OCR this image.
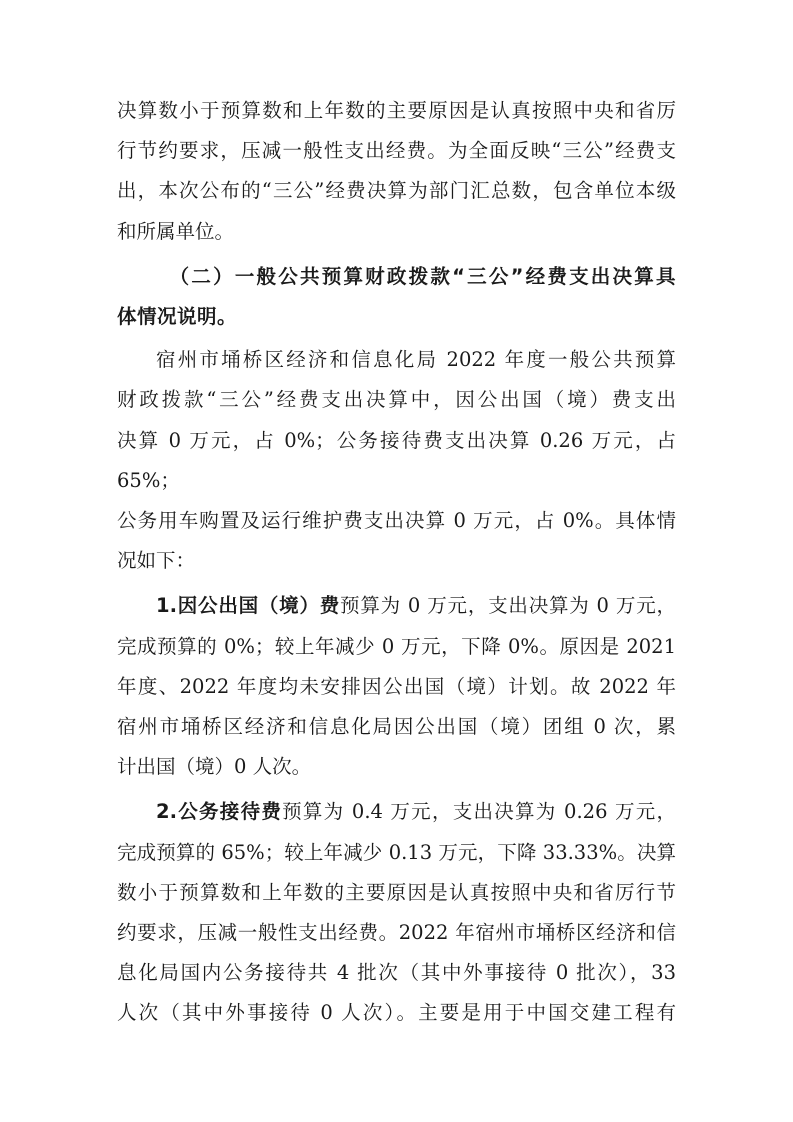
决算数小于预算数和上年数的主要原因是认真按照中央和省厉

行节约要求，压减一般性支出经费。为全面反映“三公”经费支

出，本次公布的“三公”经费决算为部门汇总数，包含单位本级

和所属单位。

（二）一般公共预算财政拨款“三公”经费支出决算具

体情况说明。

宿州市埇桥区经济和信息化局 2022 年度一般公共预算

财政拨款“三公”经费支出决算中，因公出国（境）费支出

决算 0 万元，占 0%；公务接待费支出决算 0.26 万元，占 65%；

公务用车购置及运行维护费支出决算 0 万元，占 0%。具体情

况如下：

1.因公出国（境）费预算为 0 万元，支出决算为 0 万元，

完成预算的 0%；较上年减少 0 万元，下降 0%。原因是 2021

年度、2022 年度均未安排因公出国（境）计划。故 2022 年

宿州市埇桥区经济和信息化局因公出国（境）团组 0 次，累

计出国（境）0 人次。

2.公务接待费预算为 0.4 万元，支出决算为 0.26 万元，

完成预算的 65%；较上年减少 0.13 万元，下降 33.33%。决算

数小于预算数和上年数的主要原因是认真按照中央和省厉行节

约要求，压减一般性支出经费。2022 年宿州市埇桥区经济和信

息化局国内公务接待共 4 批次（其中外事接待 0 批次），33

人次（其中外事接待 0 人次）。主要是用于中国交建工程有
